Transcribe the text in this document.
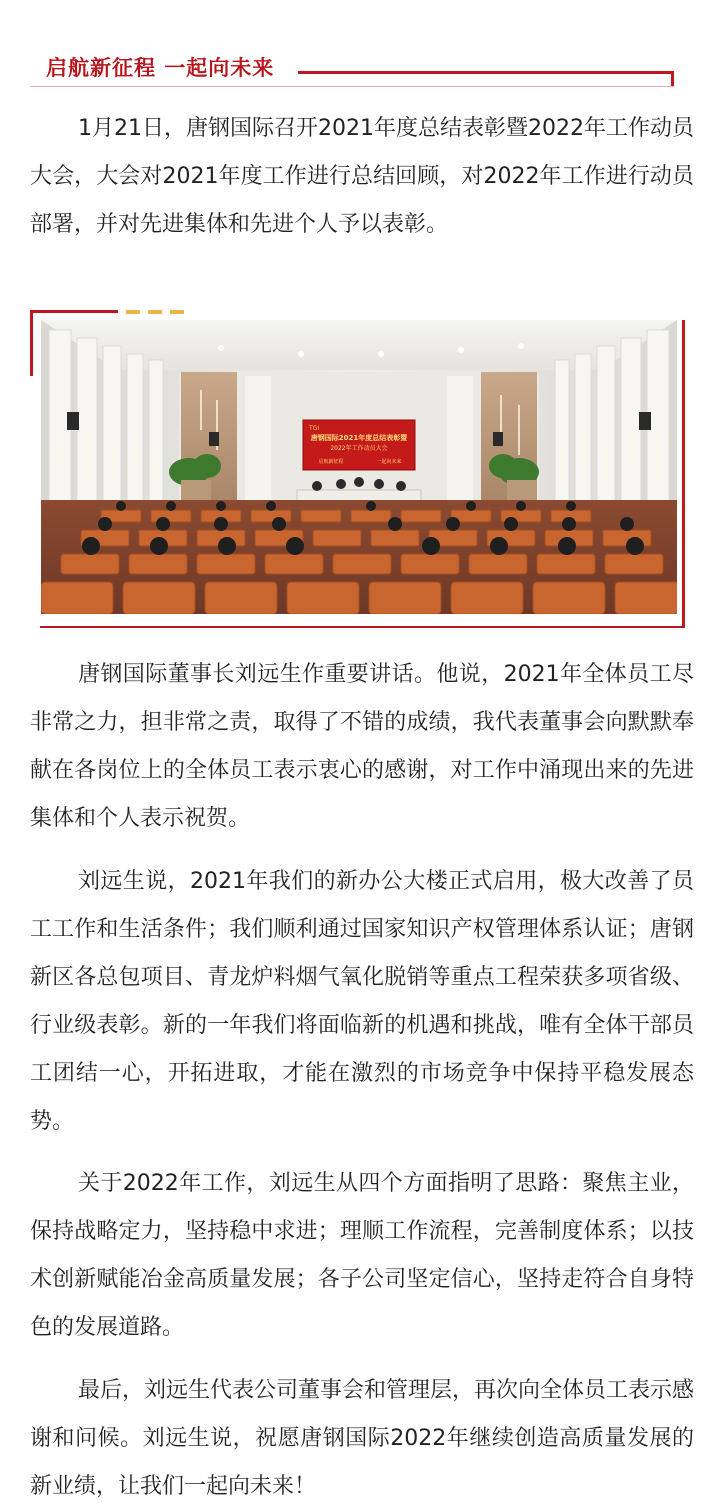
启航新征程 一起向未来

1月21日，唐钢国际召开2021年度总结表彰暨2022年工作动员大会，大会对2021年度工作进行总结回顾，对2022年工作进行动员部署，并对先进集体和先进个人予以表彰。

TGI
唐钢国际2021年度总结表彰暨
2022年工作动员大会
启航新征程	一起向未来

唐钢国际董事长刘远生作重要讲话。他说，2021年全体员工尽非常之力，担非常之责，取得了不错的成绩，我代表董事会向默默奉献在各岗位上的全体员工表示衷心的感谢，对工作中涌现出来的先进集体和个人表示祝贺。

刘远生说，2021年我们的新办公大楼正式启用，极大改善了员工工作和生活条件；我们顺利通过国家知识产权管理体系认证；唐钢新区各总包项目、青龙炉料烟气氧化脱销等重点工程荣获多项省级、行业级表彰。新的一年我们将面临新的机遇和挑战，唯有全体干部员工团结一心，开拓进取，才能在激烈的市场竞争中保持平稳发展态势。

关于2022年工作，刘远生从四个方面指明了思路：聚焦主业，保持战略定力，坚持稳中求进；理顺工作流程，完善制度体系；以技术创新赋能冶金高质量发展；各子公司坚定信心，坚持走符合自身特色的发展道路。

最后，刘远生代表公司董事会和管理层，再次向全体员工表示感谢和问候。刘远生说，祝愿唐钢国际2022年继续创造高质量发展的新业绩，让我们一起向未来！
